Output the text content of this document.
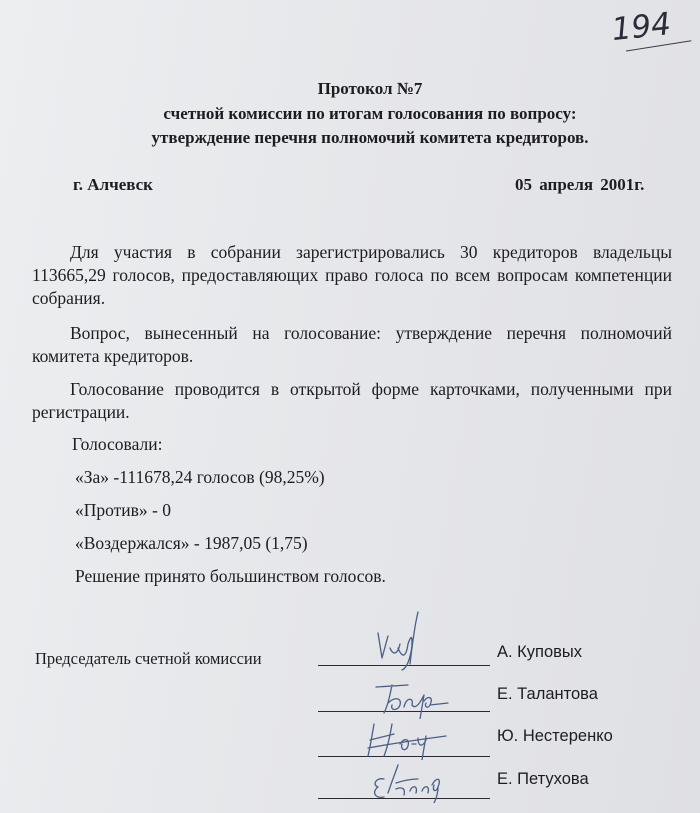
194

Протокол №7

счетной комиссии по итогам голосования по вопросу:

утверждение перечня полномочий комитета кредиторов.

г. Алчевск	05 апреля 2001г.

Для участия в собрании зарегистрировались 30 кредиторов владельцы 113665,29 голосов, предоставляющих право голоса по всем вопросам компетенции собрания.

Вопрос, вынесенный на голосование: утверждение перечня полномочий комитета кредиторов.

Голосование проводится в открытой форме карточками, полученными при регистрации.

Голосовали:
«За» -111678,24 голосов (98,25%)
«Против» - 0
«Воздержался» - 1987,05 (1,75)
Решение принято большинством голосов.
Председатель счетной комиссии	А. Куповых
Е. Талантова
Ю. Нестеренко
Е. Петухова
